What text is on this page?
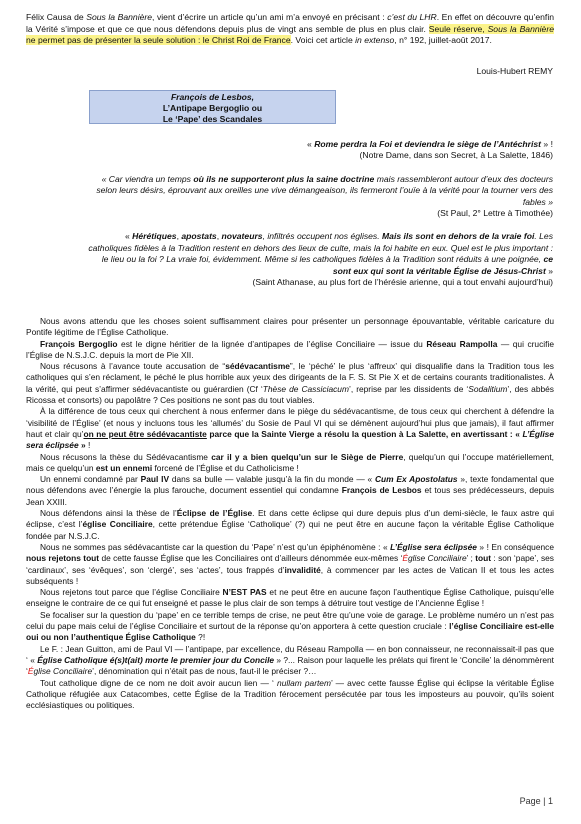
Félix Causa de Sous la Bannière, vient d’écrire un article qu’un ami m’a envoyé en précisant : c’est du LHR. En effet on découvre qu’enfin la Vérité s’impose et que ce que nous défendons depuis plus de vingt ans semble de plus en plus clair. Seule réserve, Sous la Bannière ne permet pas de présenter la seule solution : le Christ Roi de France. Voici cet article in extenso, n° 192, juillet-août 2017.

Louis-Hubert REMY
François de Lesbos,
L’Antipape Bergoglio ou
Le ‘Pape’ des Scandales
« Rome perdra la Foi et deviendra le siège de l’Antéchrist » !
(Notre Dame, dans son Secret, à La Salette, 1846)
« Car viendra un temps où ils ne supporteront plus la saine doctrine mais rassembleront autour d’eux des docteurs selon leurs désirs, éprouvant aux oreilles une vive démangeaison, ils fermeront l’ouïe à la vérité pour la tourner vers des fables »
(St Paul, 2° Lettre à Timothée)
« Hérétiques, apostats, novateurs, infiltrés occupent nos églises. Mais ils sont en dehors de la vraie foi. Les catholiques fidèles à la Tradition restent en dehors des lieux de culte, mais la foi habite en eux. Quel est le plus important : le lieu ou la foi ? La vraie foi, évidemment. Même si les catholiques fidèles à la Tradition sont réduits à une poignée, ce sont eux qui sont la véritable Église de Jésus-Christ »
(Saint Athanase, au plus fort de l’hérésie arienne, qui a tout envahi aujourd’hui)

Nous avons attendu que les choses soient suffisamment claires pour présenter un personnage épouvantable, véritable caricature du Pontife légitime de l’Église Catholique.

François Bergoglio est le digne héritier de la lignée d’antipapes de l’église Conciliaire — issue du Réseau Rampolla — qui crucifie l’Église de N.S.J.C. depuis la mort de Pie XII.

Nous récusons à l’avance toute accusation de “sédévacantisme”, le ‘péché’ le plus ‘affreux’ qui disqualifie dans la Tradition tous les catholiques qui s’en réclament, le péché le plus horrible aux yeux des dirigeants de la F. S. St Pie X et de certains courants traditionalistes. À la vérité, qui peut s’affirmer sédévacantiste ou guérardien (Cf ‘Thèse de Cassiciacum’, reprise par les dissidents de ‘Sodalitium’, des abbés Ricossa et consorts) ou papolâtre ? Ces positions ne sont pas du tout viables.

À la différence de tous ceux qui cherchent à nous enfermer dans le piège du sédévacantisme, de tous ceux qui cherchent à défendre la ‘visibilité de l’Église’ (et nous y incluons tous les ‘allumés’ du Sosie de Paul VI qui se démènent aujourd’hui plus que jamais), il faut affirmer haut et clair qu’on ne peut être sédévacantiste parce que la Sainte Vierge a résolu la question à La Salette, en avertissant : « L’Église sera éclipsée » !

Nous récusons la thèse du Sédévacantisme car il y a bien quelqu’un sur le Siège de Pierre, quelqu’un qui l’occupe matériellement, mais ce quelqu’un est un ennemi forcené de l’Église et du Catholicisme !

Un ennemi condamné par Paul IV dans sa bulle — valable jusqu’à la fin du monde — « Cum Ex Apostolatus », texte fondamental que nous défendons avec l’énergie la plus farouche, document essentiel qui condamne François de Lesbos et tous ses prédécesseurs, depuis Jean XXIII.

Nous défendons ainsi la thèse de l’Éclipse de l’Église. Et dans cette éclipse qui dure depuis plus d’un demi-siècle, le faux astre qui éclipse, c’est l’église Conciliaire, cette prétendue Église ‘Catholique’ (?) qui ne peut être en aucune façon la véritable Église Catholique fondée par N.S.J.C.

Nous ne sommes pas sédévacantiste car la question du ‘Pape’ n’est qu’un épiphénomène : « L’Église sera éclipsée » ! En conséquence nous rejetons tout de cette fausse Église que les Conciliaires ont d’ailleurs dénommée eux-mêmes ‘Église Conciliaire’ ; tout : son ‘pape’, ses ‘cardinaux’, ses ‘évêques’, son ‘clergé’, ses ‘actes’, tous frappés d’invalidité, à commencer par les actes de Vatican II et tous les actes subséquents !

Nous rejetons tout parce que l’église Conciliaire N’EST PAS et ne peut être en aucune façon l’authentique Église Catholique, puisqu’elle enseigne le contraire de ce qui fut enseigné et passe le plus clair de son temps à détruire tout vestige de l’Ancienne Église !

Se focaliser sur la question du ‘pape’ en ce terrible temps de crise, ne peut être qu’une voie de garage. Le problème numéro un n’est pas celui du pape mais celui de l’église Conciliaire et surtout de la réponse qu’on apportera à cette question cruciale : l’église Conciliaire est-elle oui ou non l’authentique Église Catholique ?!

Le F. : Jean Guitton, ami de Paul VI — l’antipape, par excellence, du Réseau Rampolla — en bon connaisseur, ne reconnaissait-il pas que ‘ « Église Catholique é(s)t(ait) morte le premier jour du Concile » ?... Raison pour laquelle les prélats qui firent le ‘Concile’ la dénommèrent ‘Église Conciliaire’, dénomination qui n’était pas de nous, faut-il le préciser ?…

Tout catholique digne de ce nom ne doit avoir aucun lien — ‘ nullam partem’ — avec cette fausse Église qui éclipse la véritable Église Catholique réfugiée aux Catacombes, cette Église de la Tradition férocement persécutée par tous les imposteurs au pouvoir, qu’ils soient ecclésiastiques ou politiques.

Page | 1
